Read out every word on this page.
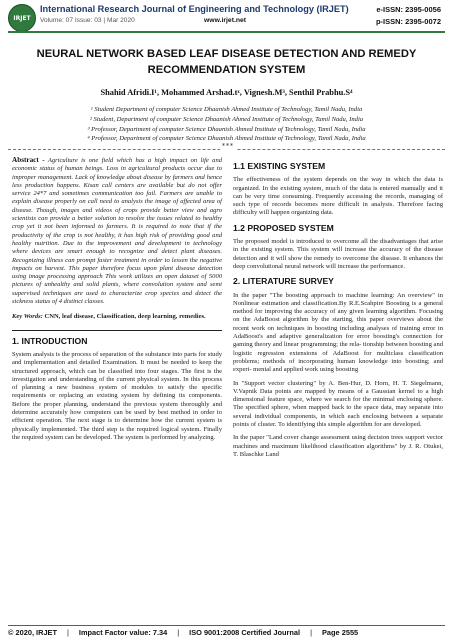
IRJET
International Research Journal of Engineering and Technology (IRJET)	e-ISSN: 2395-0056
Volume: 07 Issue: 03 | Mar 2020	www.irjet.net	p-ISSN: 2395-0072
NEURAL NETWORK BASED LEAF DISEASE DETECTION AND REMEDY RECOMMENDATION SYSTEM
Shahid Afridi.I¹, Mohammed Arshad.tᶻ, Vignesh.M³, Senthil Prabhu.S⁴
¹ Student Department of computer Science Dhaanish Ahmed Institute of Technology, Tamil Nadu, India
² Student, Department of computer Science Dhaanish Ahmed Institute of Technology, Tamil Nadu, India
³ Professor, Department of computer Science Dhaanish Ahmed Institute of Technology, Tamil Nadu, India
⁴ Professor, Department of computer Science Dhaanish Ahmed Institute of Technology, Tamil Nadu, India
***
Abstract - Agriculture is one field which has a high impact on life and economic status of human beings. Loss in agricultural products occur due to improper management. Lack of knowledge about disease by farmers and hence less production happens. Kisan call centers are available but do not offer service 24*7 and sometimes communication too fail. Farmers are unable to explain disease properly on call need to analysis the image of affected area of disease. Though, images and videos of crops provide better view and agro scientists can provide a better solution to resolve the issues related to healthy crop yet it not been informed to farmers. It is required to note that if the productivity of the crop is not healthy, it has high risk of providing good and healthy nutrition. Due to the improvement and development in technology where devices are smart enough to recognize and detect plant diseases. Recognizing illness can prompt faster treatment in order to lessen the negative impacts on harvest. This paper therefore focus upon plant disease detection using image processing approach This work utilizes an open dataset of 5000 pictures of unhealthy and solid plants, where convolution system and semi supervised techniques are used to characterize crop species and detect the sickness status of 4 distinct classes.
Key Words: CNN, leaf disease, Classification, deep learning, remedies.
1. INTRODUCTION

System analysis is the process of separation of the substance into parts for study and implementation and detailed Examination. It must be needed to keep the structured approach, which can be classified into four stages. The first is the investigation and understanding of the current physical system. In this process of planning a new business system of modules to satisfy the specific requirements or replacing an existing system by defining its components. Before the proper planning, understand the previous system thoroughly and determine accurately how computers can be used by best method in order to efficient operation. The next stage is to determine how the current system is physically implemented. The third step is the required logical system. Finally the required system can be developed. The system is performed by analyzing.

1.1 EXISTING SYSTEM

The effectiveness of the system depends on the way in which the data is organized. In the existing system, much of the data is entered manually and it can be very time consuming. Frequently accessing the records, managing of such type of records becomes more difficult in analysis. Therefore facing difficulty will happen organizing data.

1.2 PROPOSED SYSTEM

The proposed model is introduced to overcome all the disadvantages that arise in the existing system. This system will increase the accuracy of the disease detection and it will show the remedy to overcome the disease. It enhances the deep convolutional neural network will increase the performance.

2. LITERATURE SURVEY

In the paper "The boosting approach to machine learning: An overview" in Nonlinear estimation and classification.By R.E.Scahpire Boosting is a general method for improving the accuracy of any given learning algorithm. Focusing on the AdaBoost algorithm by the starting, this paper overviews about the recent work on techniques in boosting including analyses of training error in AdaBoost's and adaptive generalization for error boosting's connection for gaming theory and linear programming; the rela- tionship between boosting and logistic regression extensions of AdaBoost for multiclass classification problems; methods of incorporating human knowledge into boosting; and experi- mental and applied work using boosting

In "Support vector clustering" by A. Ben-Hur, D. Horn, H. T. Siegelmann, V.Vapnik Data points are mapped by means of a Gaussian kernel to a high dimensional feature space, where we search for the minimal enclosing sphere. The specified sphere, when mapped back to the space data, may separate into several individual components, in which each enclosing between a separate points of cluster. To identifying this simple algorithm for are developed.

In the paper "Land cover change assessment using decision trees support vector machines and maximum likelihood classification algorithms" by J. R. Otukei, T. Blaschke Land

© 2020, IRJET | Impact Factor value: 7.34 | ISO 9001:2008 Certified Journal | Page 2555
